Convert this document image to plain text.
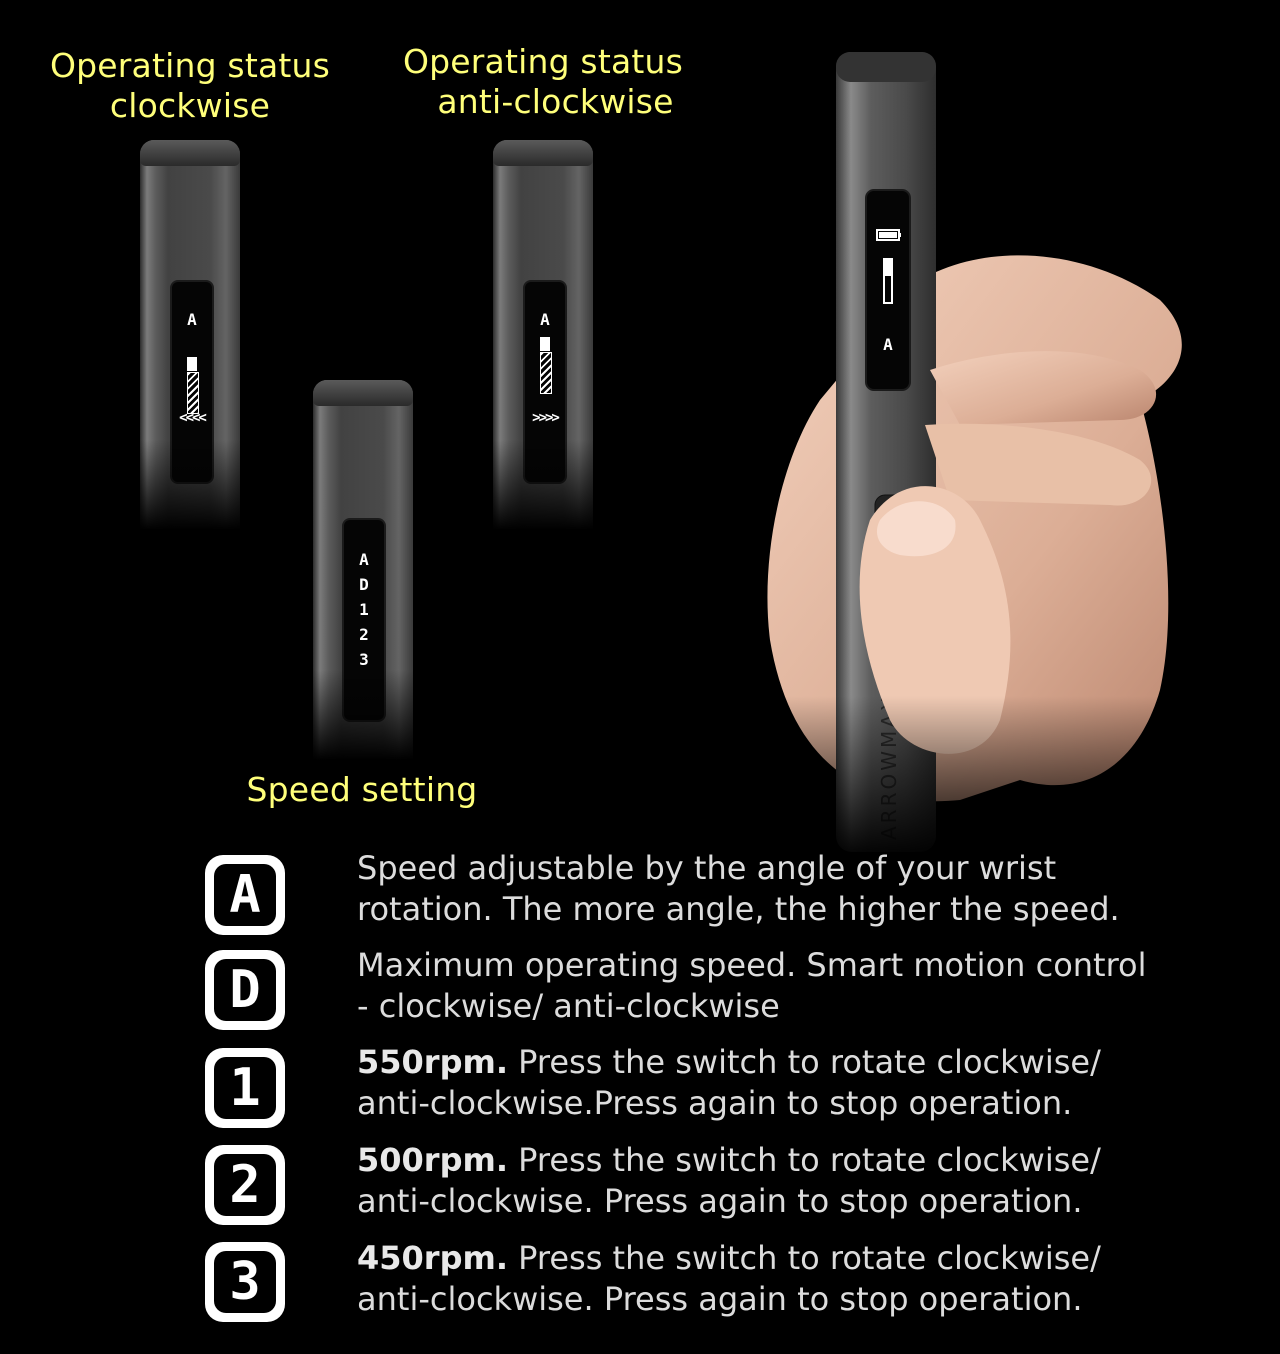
Operating status
clockwise
Operating status
anti-clockwise
Speed setting
A
<<<<
A
>>>>
A
D
1
2
3
A	Speed adjustable by the angle of your wrist rotation. The more angle, the higher the speed.
D	Maximum operating speed. Smart motion control - clockwise/ anti-clockwise
1	550rpm. Press the switch to rotate clockwise/ anti-clockwise.Press again to stop operation.
2	500rpm. Press the switch to rotate clockwise/ anti-clockwise. Press again to stop operation.
3	450rpm. Press the switch to rotate clockwise/ anti-clockwise. Press again to stop operation.
